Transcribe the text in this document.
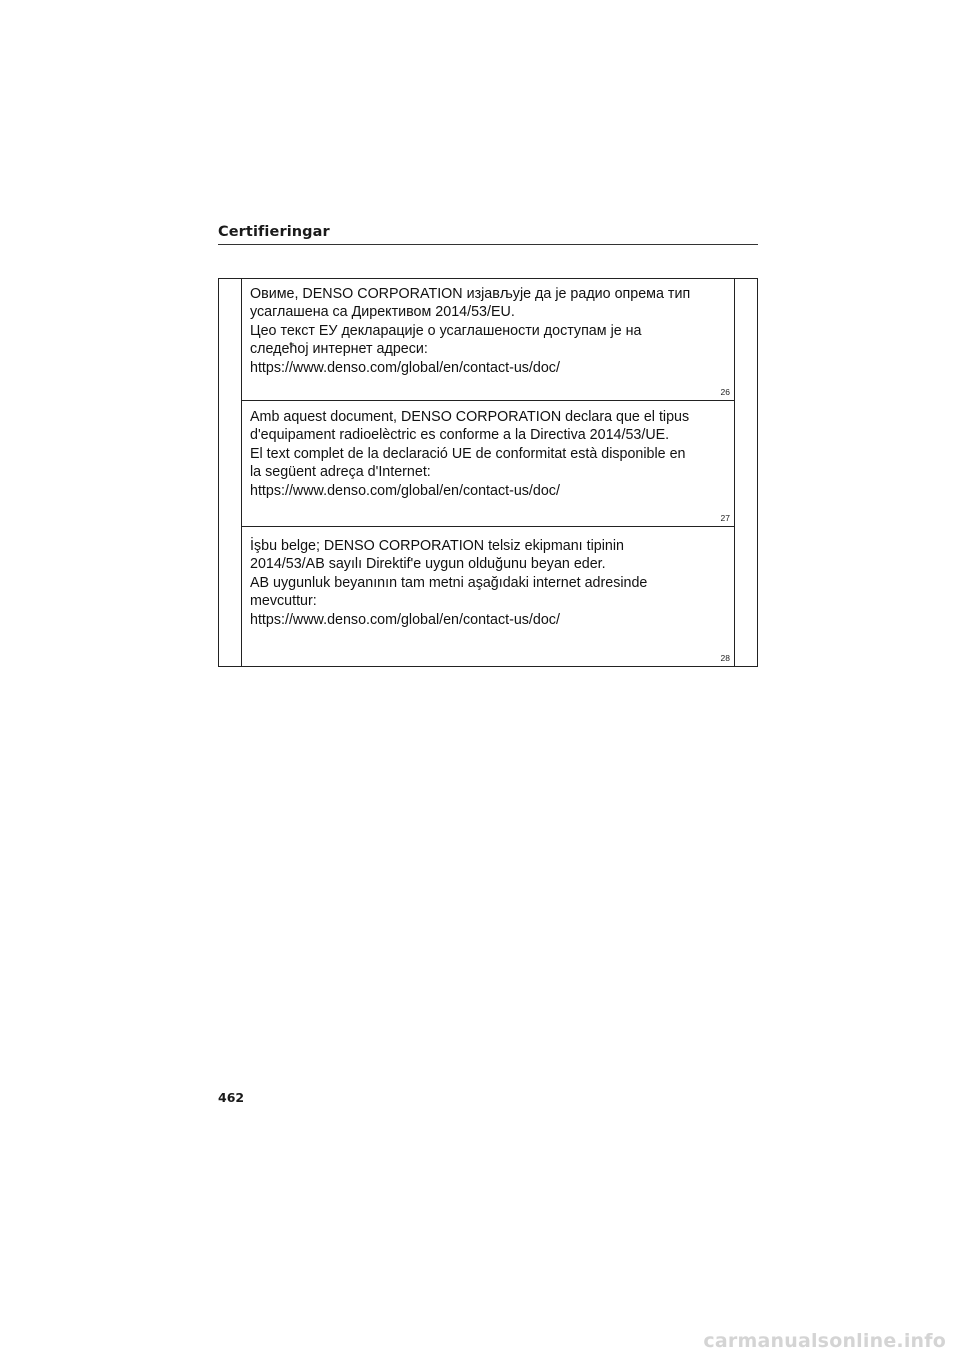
Certifieringar
Овиме, DENSO CORPORATION изјављује да је радио опрема тип
усаглашена са Директивом 2014/53/EU.
Цео текст ЕУ декларације о усаглашености доступам је на
следећој интернет адреси:
https://www.denso.com/global/en/contact-us/doc/
26
Amb aquest document, DENSO CORPORATION declara que el tipus
d'equipament radioelèctric es conforme a la Directiva 2014/53/UE.
El text complet de la declaració UE de conformitat està disponible en
la següent adreça d'Internet:
https://www.denso.com/global/en/contact-us/doc/
27
İşbu belge; DENSO CORPORATION telsiz ekipmanı tipinin
2014/53/AB sayılı Direktif'e uygun olduğunu beyan eder.
AB uygunluk beyanının tam metni aşağıdaki internet adresinde
mevcuttur:
https://www.denso.com/global/en/contact-us/doc/
28
462
carmanualsonline.info
